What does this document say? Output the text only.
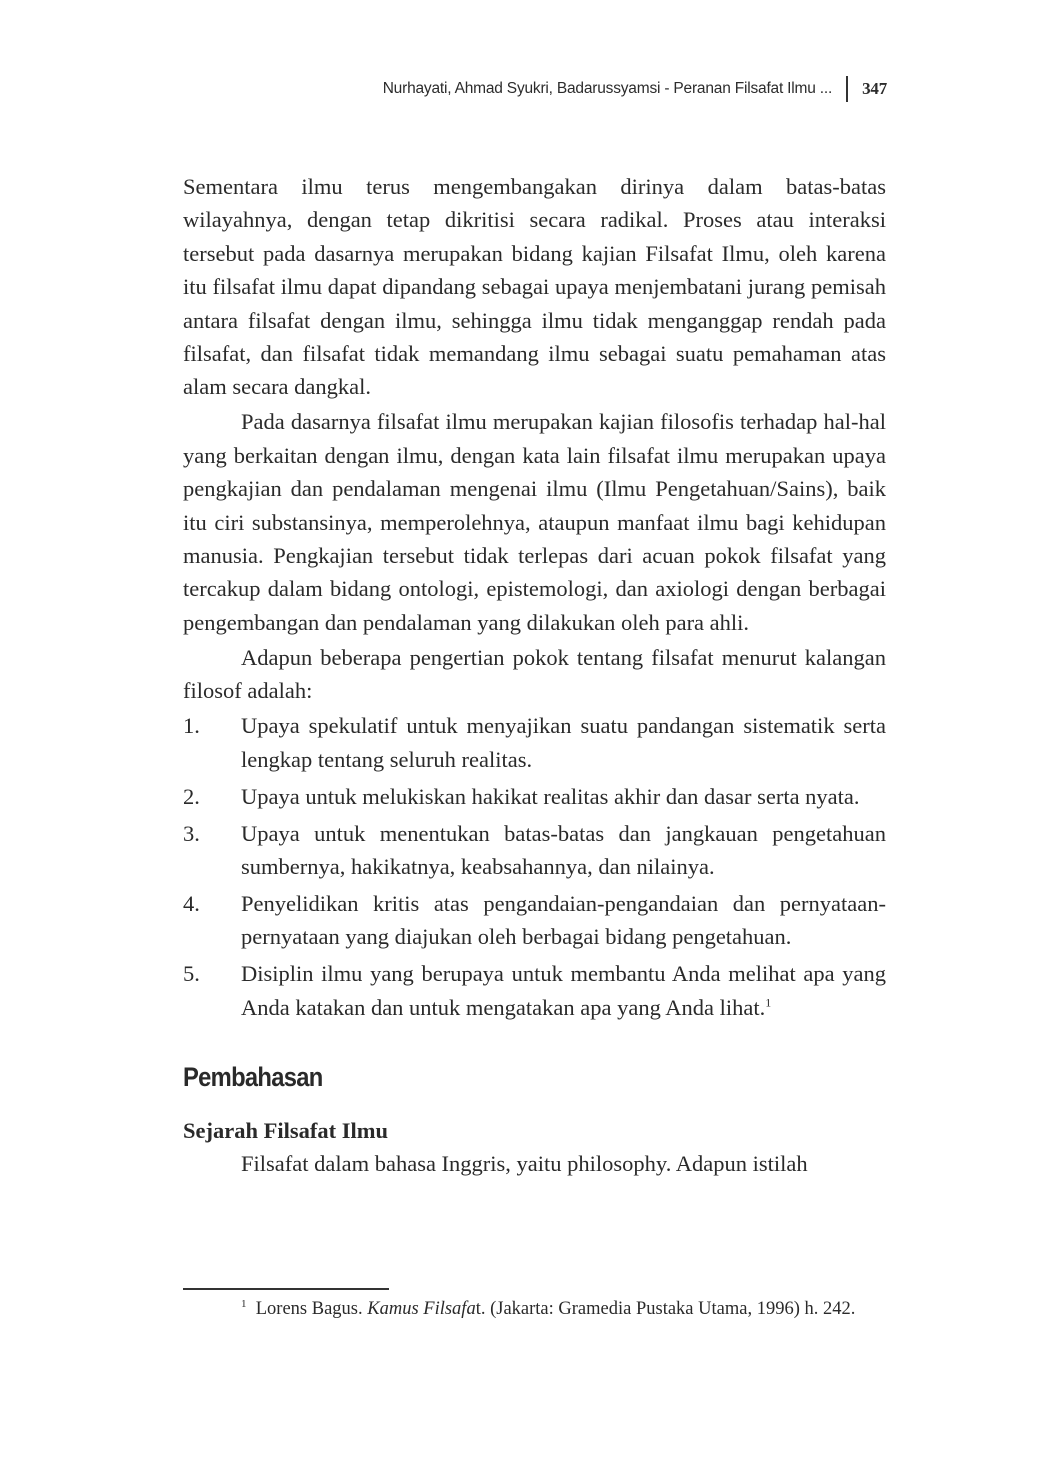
Nurhayati, Ahmad Syukri, Badarussyamsi - Peranan Filsafat Ilmu ... 347

Sementara ilmu terus mengembangakan dirinya dalam batas-batas wilayahnya, dengan tetap dikritisi secara radikal. Proses atau interaksi tersebut pada dasarnya merupakan bidang kajian Filsafat Ilmu, oleh karena itu filsafat ilmu dapat dipandang sebagai upaya menjembatani jurang pemisah antara filsafat dengan ilmu, sehingga ilmu tidak menganggap rendah pada filsafat, dan filsafat tidak memandang ilmu sebagai suatu pemahaman atas alam secara dangkal.

Pada dasarnya filsafat ilmu merupakan kajian filosofis terhadap hal-hal yang berkaitan dengan ilmu, dengan kata lain filsafat ilmu merupakan upaya pengkajian dan pendalaman mengenai ilmu (Ilmu Pengetahuan/Sains), baik itu ciri substansinya, memperolehnya, ataupun manfaat ilmu bagi kehidupan manusia. Pengkajian tersebut tidak terlepas dari acuan pokok filsafat yang tercakup dalam bidang ontologi, epistemologi, dan axiologi dengan berbagai pengembangan dan pendalaman yang dilakukan oleh para ahli.

Adapun beberapa pengertian pokok tentang filsafat menurut kalangan filosof adalah:

1. Upaya spekulatif untuk menyajikan suatu pandangan sistematik serta lengkap tentang seluruh realitas.
2. Upaya untuk melukiskan hakikat realitas akhir dan dasar serta nyata.
3. Upaya untuk menentukan batas-batas dan jangkauan pengetahuan sumbernya, hakikatnya, keabsahannya, dan nilainya.
4. Penyelidikan kritis atas pengandaian-pengandaian dan pernyataan-pernyataan yang diajukan oleh berbagai bidang pengetahuan.
5. Disiplin ilmu yang berupaya untuk membantu Anda melihat apa yang Anda katakan dan untuk mengatakan apa yang Anda lihat.$^1$
Pembahasan
Sejarah Filsafat Ilmu

Filsafat dalam bahasa Inggris, yaitu philosophy. Adapun istilah

$^1$ Lorens Bagus. Kamus Filsafat. (Jakarta: Gramedia Pustaka Utama, 1996) h. 242.
